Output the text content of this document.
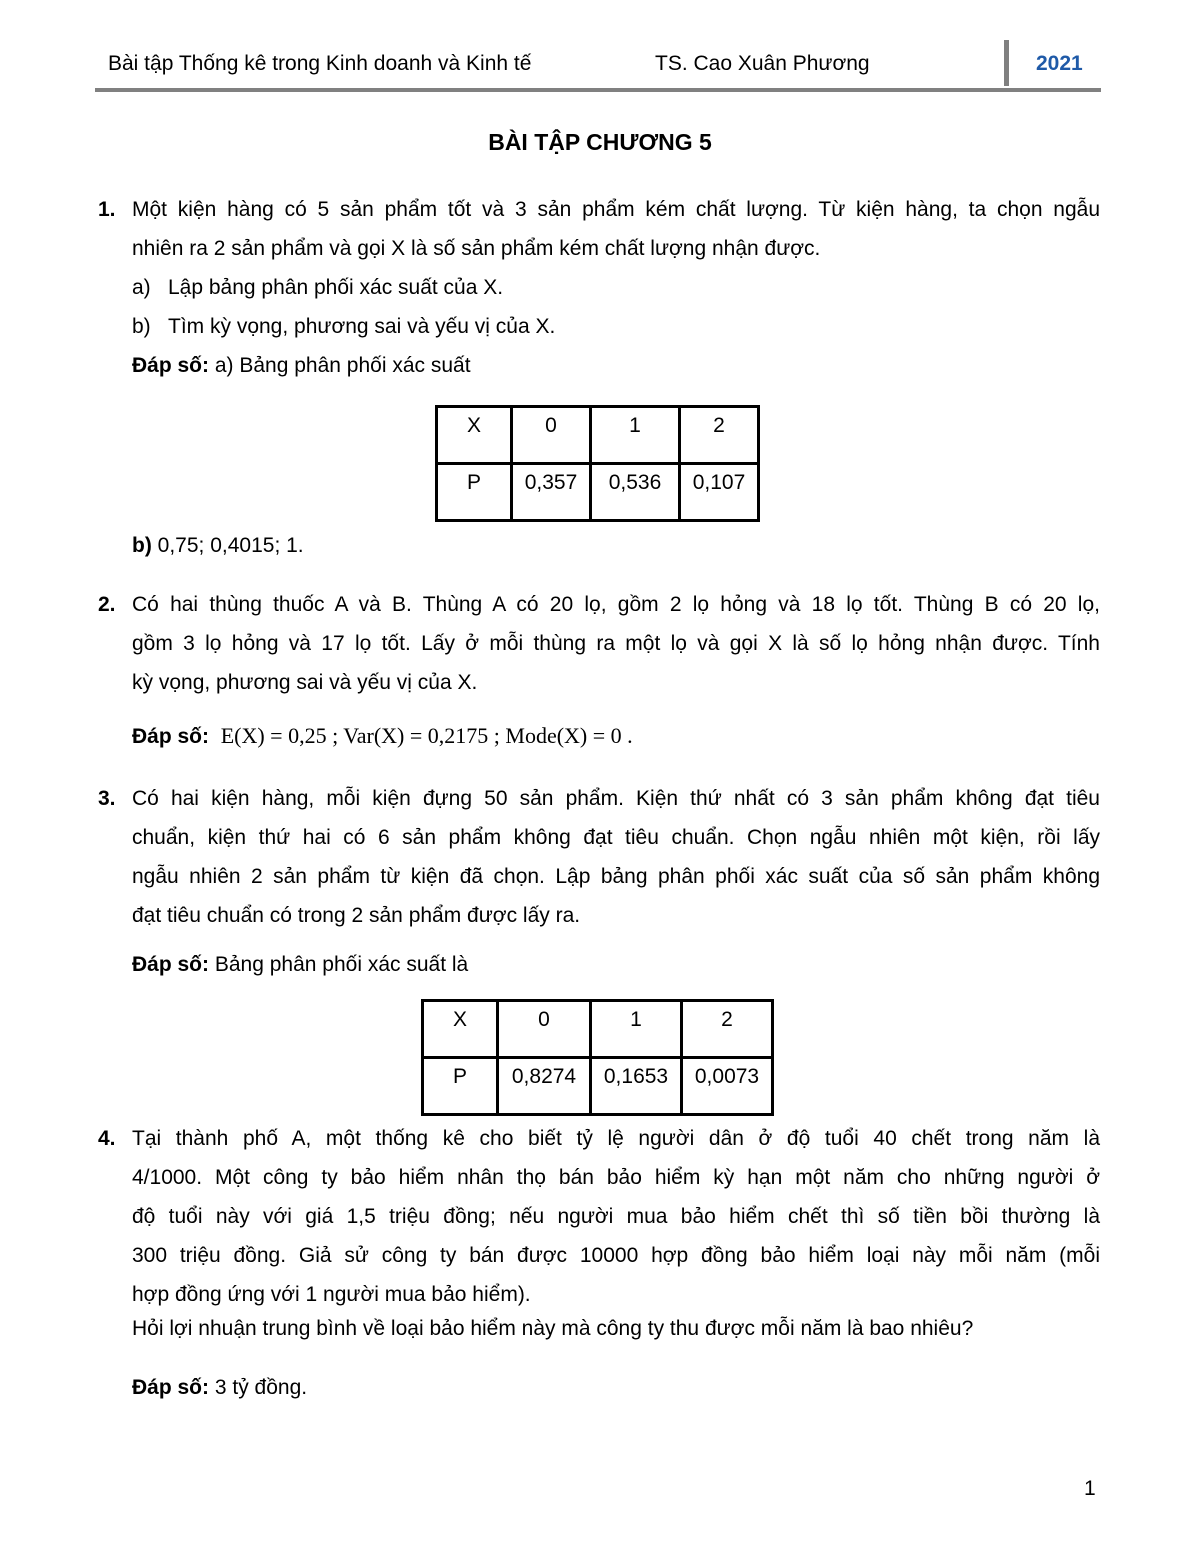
Bài tập Thống kê trong Kinh doanh và Kinh tế	TS. Cao Xuân Phương	2021
BÀI TẬP CHƯƠNG 5
1. Một kiện hàng có 5 sản phẩm tốt và 3 sản phẩm kém chất lượng. Từ kiện hàng, ta chọn ngẫu
nhiên ra 2 sản phẩm và gọi X là số sản phẩm kém chất lượng nhận được.
a) Lập bảng phân phối xác suất của X.
b) Tìm kỳ vọng, phương sai và yếu vị của X.
Đáp số: a) Bảng phân phối xác suất
X	0	1	2
P	0,357	0,536	0,107
b) 0,75; 0,4015; 1.
2. Có hai thùng thuốc A và B. Thùng A có 20 lọ, gồm 2 lọ hỏng và 18 lọ tốt. Thùng B có 20 lọ,
gồm 3 lọ hỏng và 17 lọ tốt. Lấy ở mỗi thùng ra một lọ và gọi X là số lọ hỏng nhận được. Tính
kỳ vọng, phương sai và yếu vị của X.
Đáp số: E(X) = 0,25 ; Var(X) = 0,2175 ; Mode(X) = 0 .
3. Có hai kiện hàng, mỗi kiện đựng 50 sản phẩm. Kiện thứ nhất có 3 sản phẩm không đạt tiêu
chuẩn, kiện thứ hai có 6 sản phẩm không đạt tiêu chuẩn. Chọn ngẫu nhiên một kiện, rồi lấy
ngẫu nhiên 2 sản phẩm từ kiện đã chọn. Lập bảng phân phối xác suất của số sản phẩm không
đạt tiêu chuẩn có trong 2 sản phẩm được lấy ra.
Đáp số: Bảng phân phối xác suất là
X	0	1	2
P	0,8274	0,1653	0,0073
4. Tại thành phố A, một thống kê cho biết tỷ lệ người dân ở độ tuổi 40 chết trong năm là
4/1000. Một công ty bảo hiểm nhân thọ bán bảo hiểm kỳ hạn một năm cho những người ở
độ tuổi này với giá 1,5 triệu đồng; nếu người mua bảo hiểm chết thì số tiền bồi thường là
300 triệu đồng. Giả sử công ty bán được 10000 hợp đồng bảo hiểm loại này mỗi năm (mỗi
hợp đồng ứng với 1 người mua bảo hiểm).
Hỏi lợi nhuận trung bình về loại bảo hiểm này mà công ty thu được mỗi năm là bao nhiêu?
Đáp số: 3 tỷ đồng.
1
